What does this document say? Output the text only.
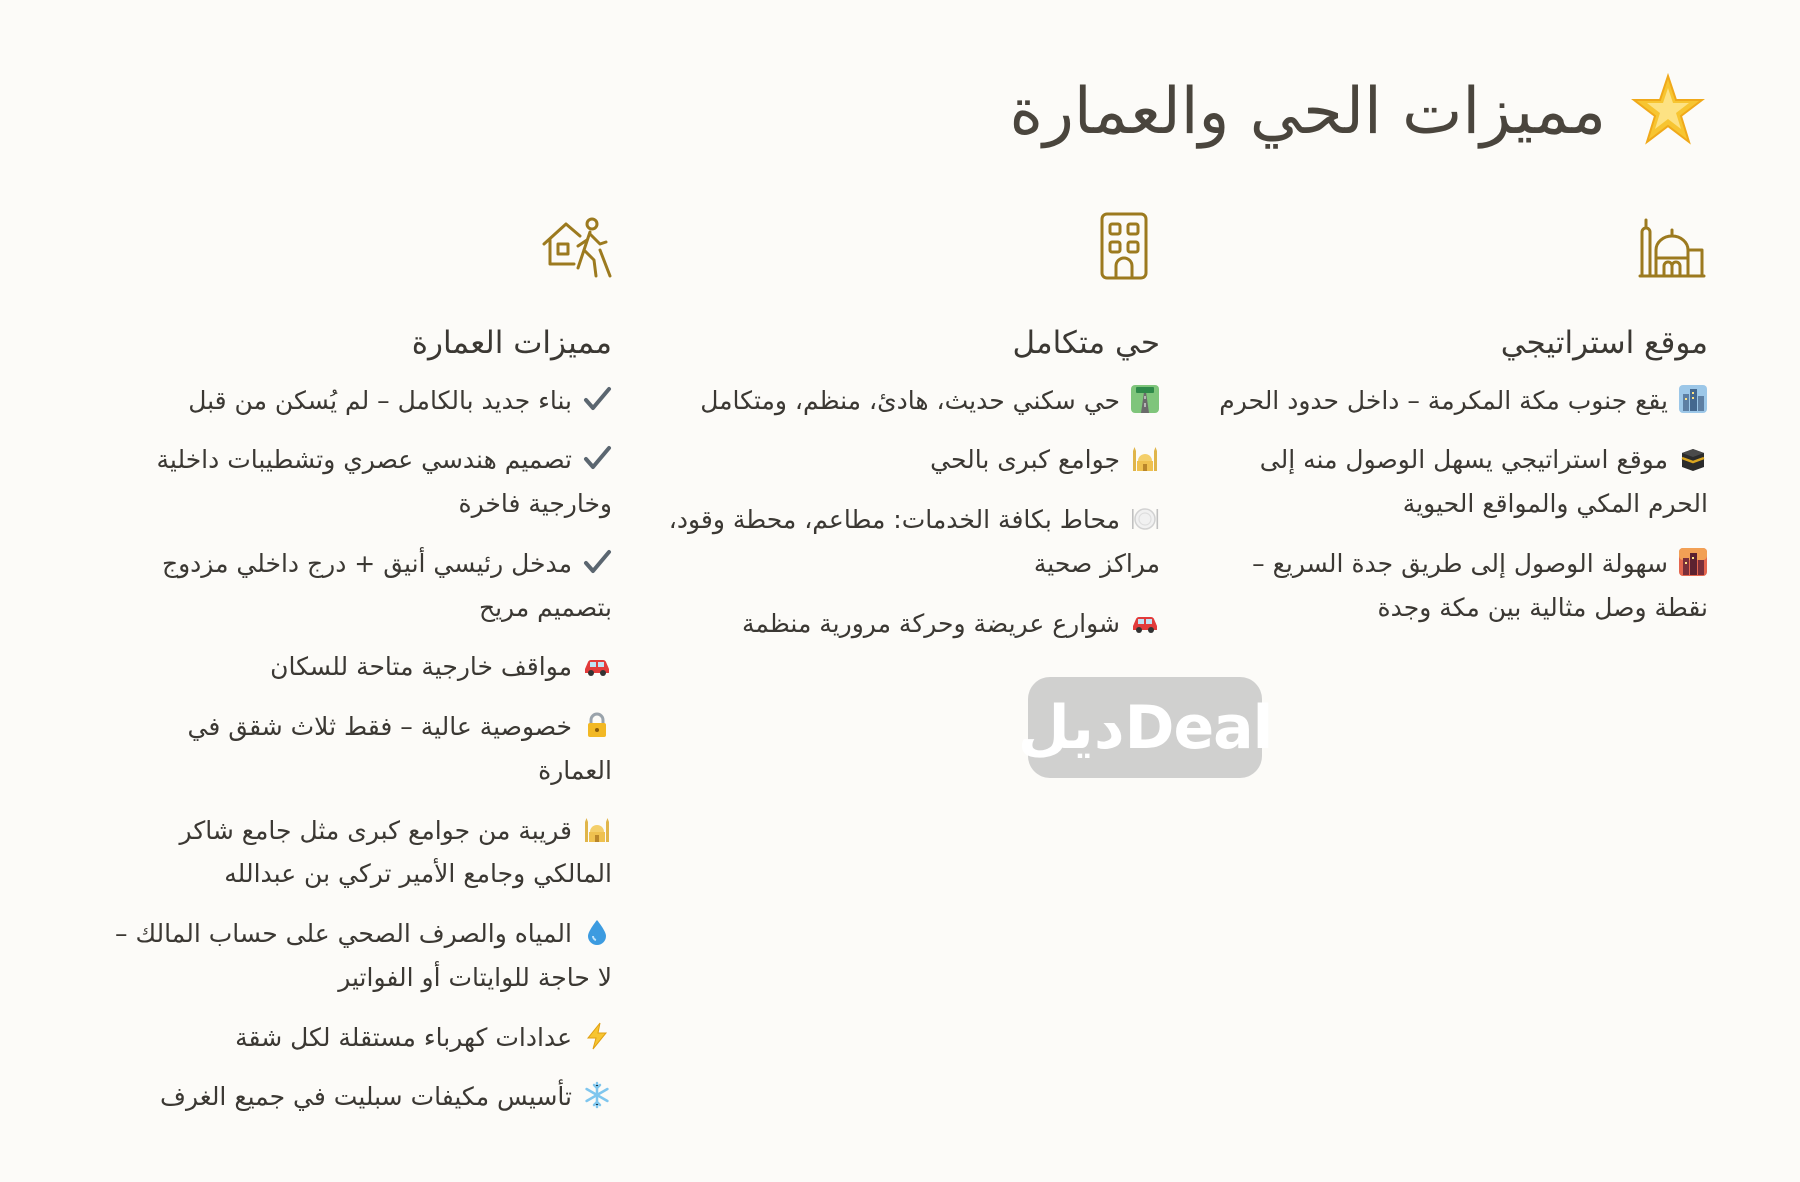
مميزات الحي والعمارة
موقع استراتيجي
يقع جنوب مكة المكرمة – داخل حدود الحرم
موقع استراتيجي يسهل الوصول منه إلى الحرم المكي والمواقع الحيوية
سهولة الوصول إلى طريق جدة السريع – نقطة وصل مثالية بين مكة وجدة
حي متكامل
حي سكني حديث، هادئ، منظم، ومتكامل
جوامع كبرى بالحي
محاط بكافة الخدمات: مطاعم، محطة وقود، مراكز صحية
شوارع عريضة وحركة مرورية منظمة
مميزات العمارة
بناء جديد بالكامل – لم يُسكن من قبل
تصميم هندسي عصري وتشطيبات داخلية وخارجية فاخرة
مدخل رئيسي أنيق + درج داخلي مزدوج بتصميم مريح
مواقف خارجية متاحة للسكان
خصوصية عالية – فقط ثلاث شقق في العمارة
قريبة من جوامع كبرى مثل جامع شاكر المالكي وجامع الأمير تركي بن عبدالله
المياه والصرف الصحي على حساب المالك – لا حاجة للوايتات أو الفواتير
عدادات كهرباء مستقلة لكل شقة
تأسيس مكيفات سبليت في جميع الغرف
ديلDeal
